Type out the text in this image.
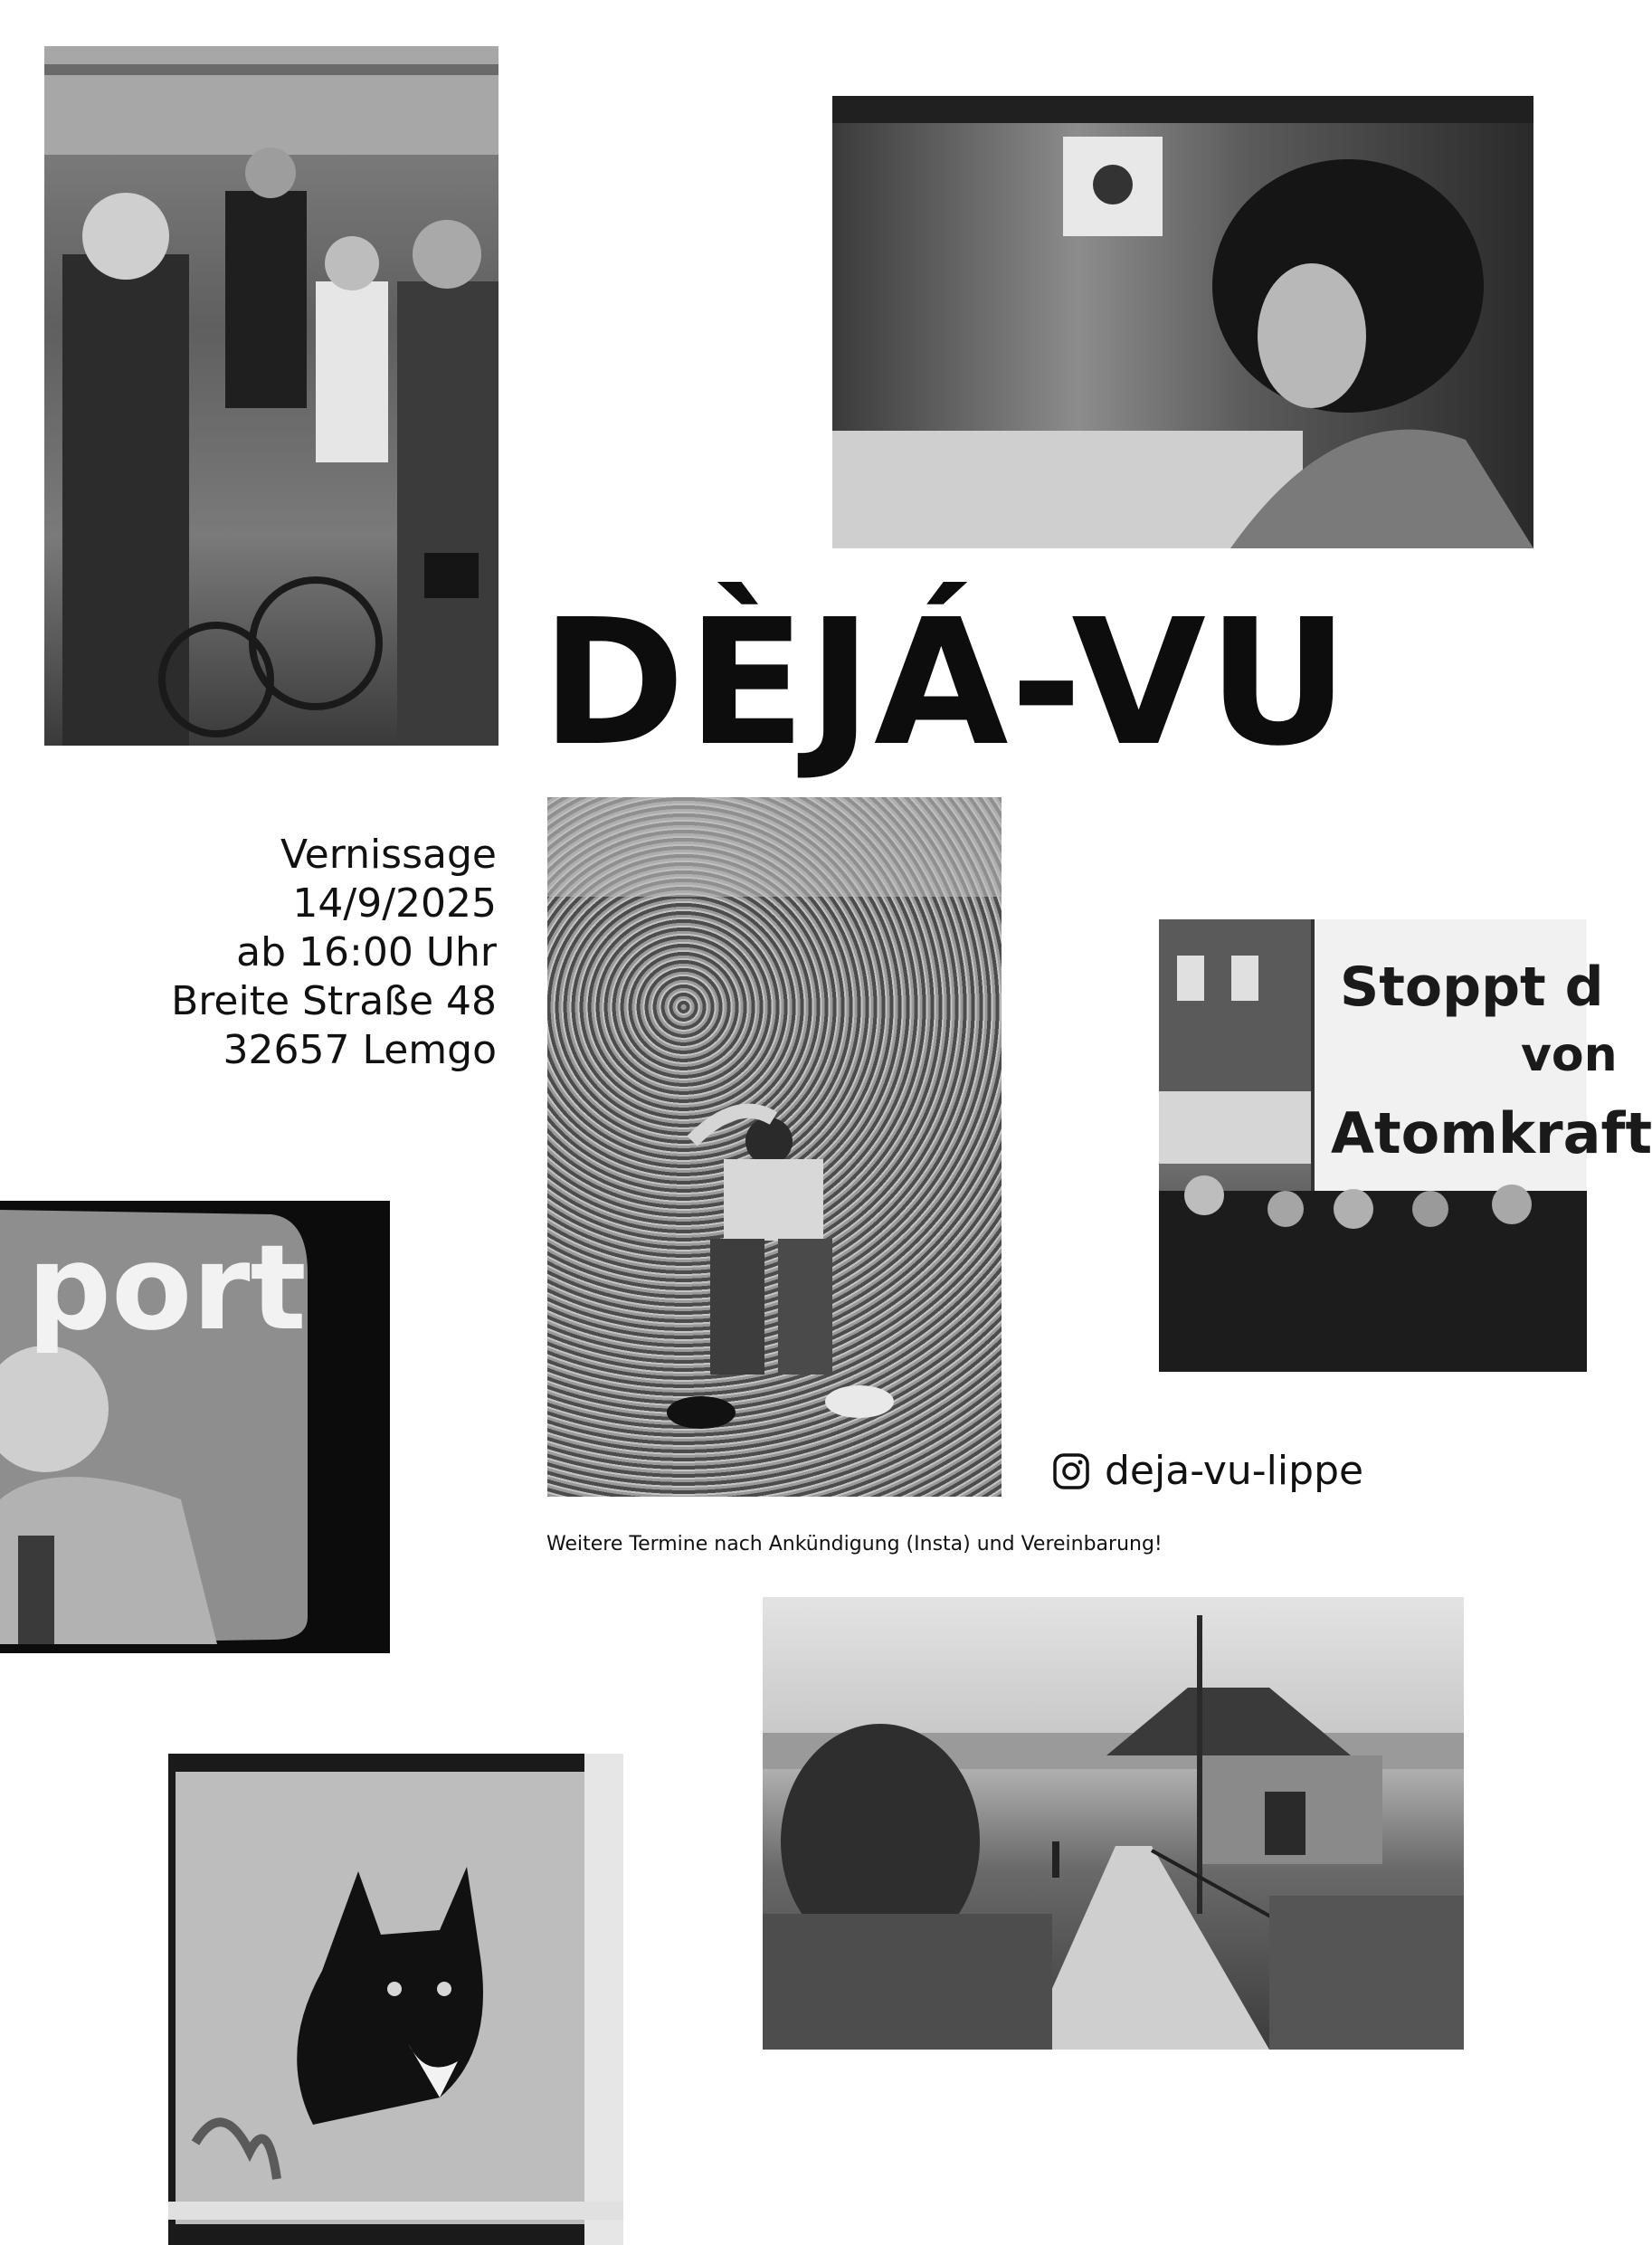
DÈJÁ-VU
Vernissage
14/9/2025
ab 16:00 Uhr
Breite Straße 48
32657 Lemgo
Stoppt d
von
Atomkraft
port
deja-vu-lippe
Weitere Termine nach Ankündigung (Insta) und Vereinbarung!
